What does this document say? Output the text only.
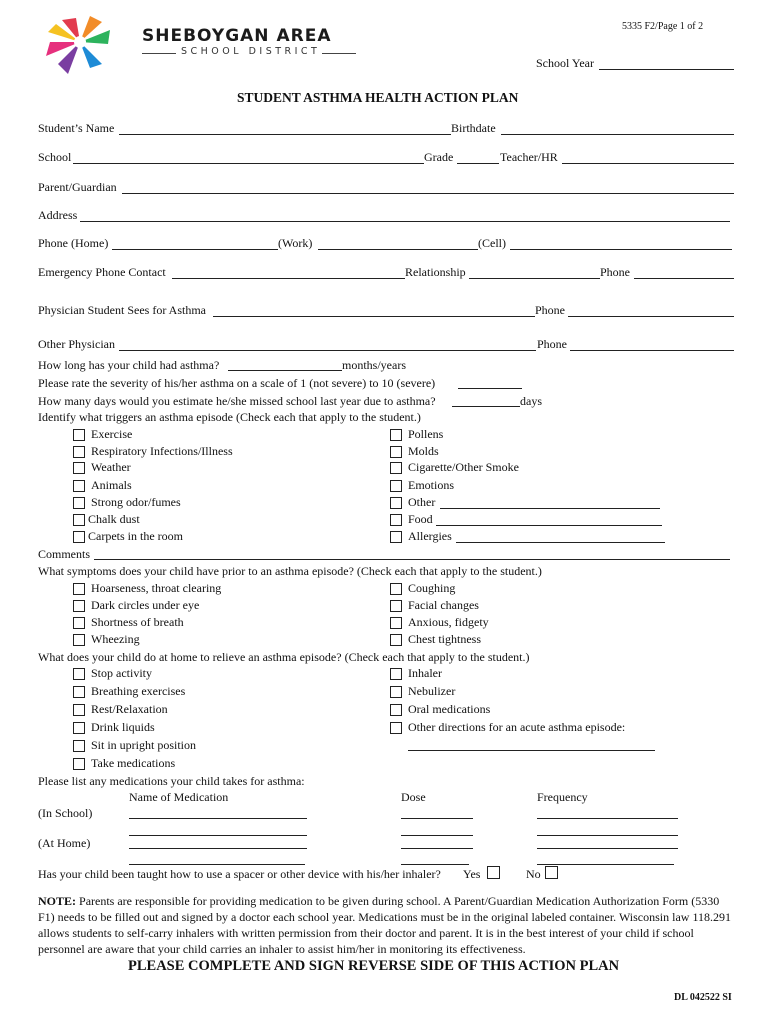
SHEBOYGAN AREA
SCHOOL DISTRICT
5335 F2/Page 1 of 2
School Year
STUDENT ASTHMA HEALTH ACTION PLAN
Student’s Name	Birthdate
School	Grade	Teacher/HR
Parent/Guardian
Address
Phone (Home)	(Work)	(Cell)
Emergency Phone Contact	Relationship	Phone
Physician Student Sees for Asthma	Phone
Other Physician	Phone
How long has your child had asthma?	months/years
Please rate the severity of his/her asthma on a scale of 1 (not severe) to 10 (severe)
How many days would you estimate he/she missed school last year due to asthma?	days
Identify what triggers an asthma episode (Check each that apply to the student.)
Exercise
Respiratory Infections/Illness
Weather
Animals
Strong odor/fumes
Chalk dust
Carpets in the room
Pollens
Molds
Cigarette/Other Smoke
Emotions
Other
Food
Allergies
Comments
What symptoms does your child have prior to an asthma episode? (Check each that apply to the student.)
Hoarseness, throat clearing
Dark circles under eye
Shortness of breath
Wheezing
Coughing
Facial changes
Anxious, fidgety
Chest tightness
What does your child do at home to relieve an asthma episode? (Check each that apply to the student.)
Stop activity
Breathing exercises
Rest/Relaxation
Drink liquids
Sit in upright position
Take medications
Inhaler
Nebulizer
Oral medications
Other directions for an acute asthma episode:
Please list any medications your child takes for asthma:
Name of Medication	Dose	Frequency
(In School)
(At Home)
Has your child been taught how to use a spacer or other device with his/her inhaler? Yes	No
NOTE: Parents are responsible for providing medication to be given during school. A Parent/Guardian Medication Authorization Form (5330 F1) needs to be filled out and signed by a doctor each school year. Medications must be in the original labeled container. Wisconsin law 118.291 allows students to self-carry inhalers with written permission from their doctor and parent. It is in the best interest of your child if school personnel are aware that your child carries an inhaler to assist him/her in monitoring its effectiveness.
PLEASE COMPLETE AND SIGN REVERSE SIDE OF THIS ACTION PLAN
DL 042522 SI
